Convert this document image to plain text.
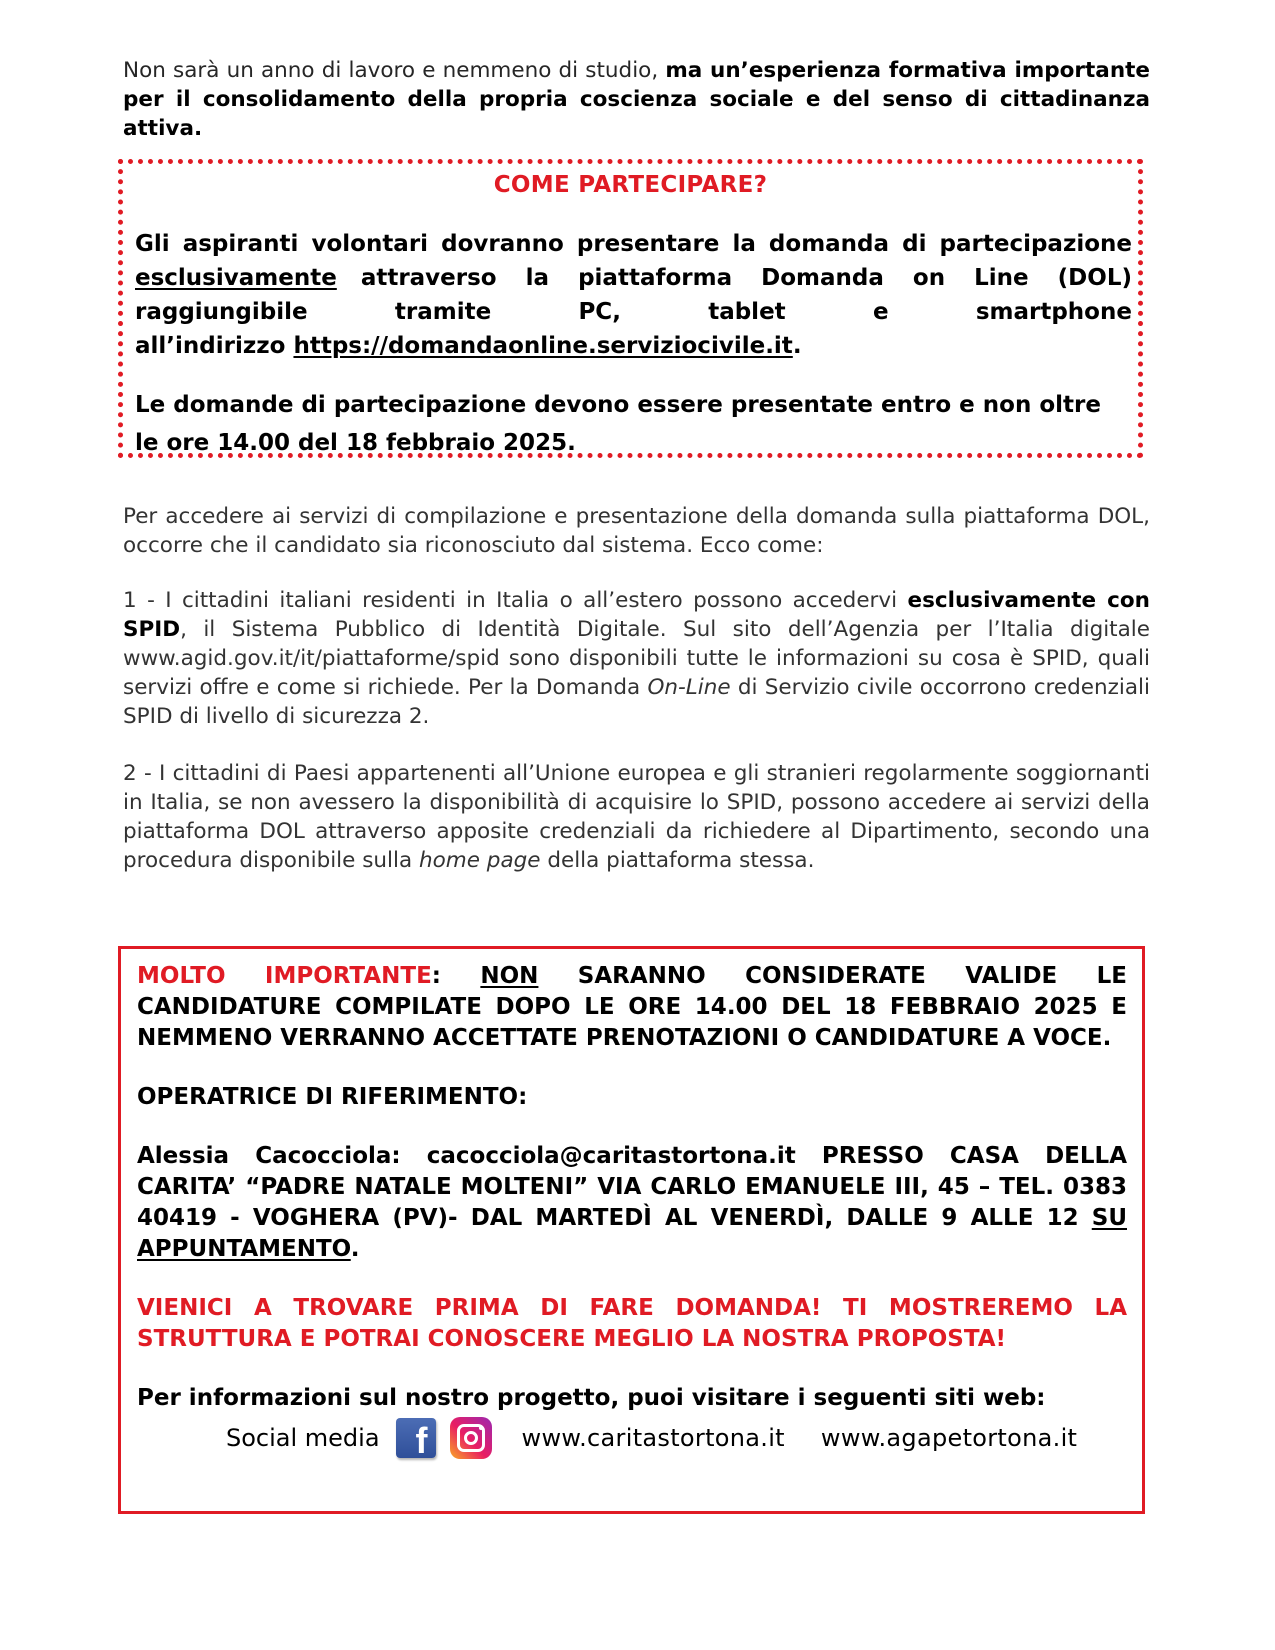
Non sarà un anno di lavoro e nemmeno di studio, ma un’esperienza formativa importante per il consolidamento della propria coscienza sociale e del senso di cittadinanza attiva.

COME PARTECIPARE?
Gli aspiranti volontari dovranno presentare la domanda di partecipazione
esclusivamente attraverso la piattaforma Domanda on Line (DOL)
raggiungibile	tramite	PC,	tablet	e	smartphone
all’indirizzo https://domandaonline.serviziocivile.it.
Le domande di partecipazione devono essere presentate entro e non oltre le ore 14.00 del 18 febbraio 2025.

Per accedere ai servizi di compilazione e presentazione della domanda sulla piattaforma DOL, occorre che il candidato sia riconosciuto dal sistema. Ecco come:

1 - I cittadini italiani residenti in Italia o all’estero possono accedervi esclusivamente con SPID, il Sistema Pubblico di Identità Digitale. Sul sito dell’Agenzia per l’Italia digitale www.agid.gov.it/it/piattaforme/spid sono disponibili tutte le informazioni su cosa è SPID, quali servizi offre e come si richiede. Per la Domanda On-Line di Servizio civile occorrono credenziali SPID di livello di sicurezza 2.

2 - I cittadini di Paesi appartenenti all’Unione europea e gli stranieri regolarmente soggiornanti in Italia, se non avessero la disponibilità di acquisire lo SPID, possono accedere ai servizi della piattaforma DOL attraverso apposite credenziali da richiedere al Dipartimento, secondo una procedura disponibile sulla home page della piattaforma stessa.

MOLTO IMPORTANTE: NON SARANNO CONSIDERATE VALIDE LE CANDIDATURE COMPILATE DOPO LE ORE 14.00 DEL 18 FEBBRAIO 2025 E NEMMENO VERRANNO ACCETTATE PRENOTAZIONI O CANDIDATURE A VOCE.

OPERATRICE DI RIFERIMENTO:

Alessia Cacocciola: cacocciola@caritastortona.it PRESSO CASA DELLA CARITA’ “PADRE NATALE MOLTENI” VIA CARLO EMANUELE III, 45 – TEL. 0383 40419 - VOGHERA (PV)- DAL MARTEDÌ AL VENERDÌ, DALLE 9 ALLE 12 SU APPUNTAMENTO.

VIENICI A TROVARE PRIMA DI FARE DOMANDA! TI MOSTREREMO LA STRUTTURA E POTRAI CONOSCERE MEGLIO LA NOSTRA PROPOSTA!

Per informazioni sul nostro progetto, puoi visitare i seguenti siti web:

Social media f	www.caritastortona.it www.agapetortona.it
